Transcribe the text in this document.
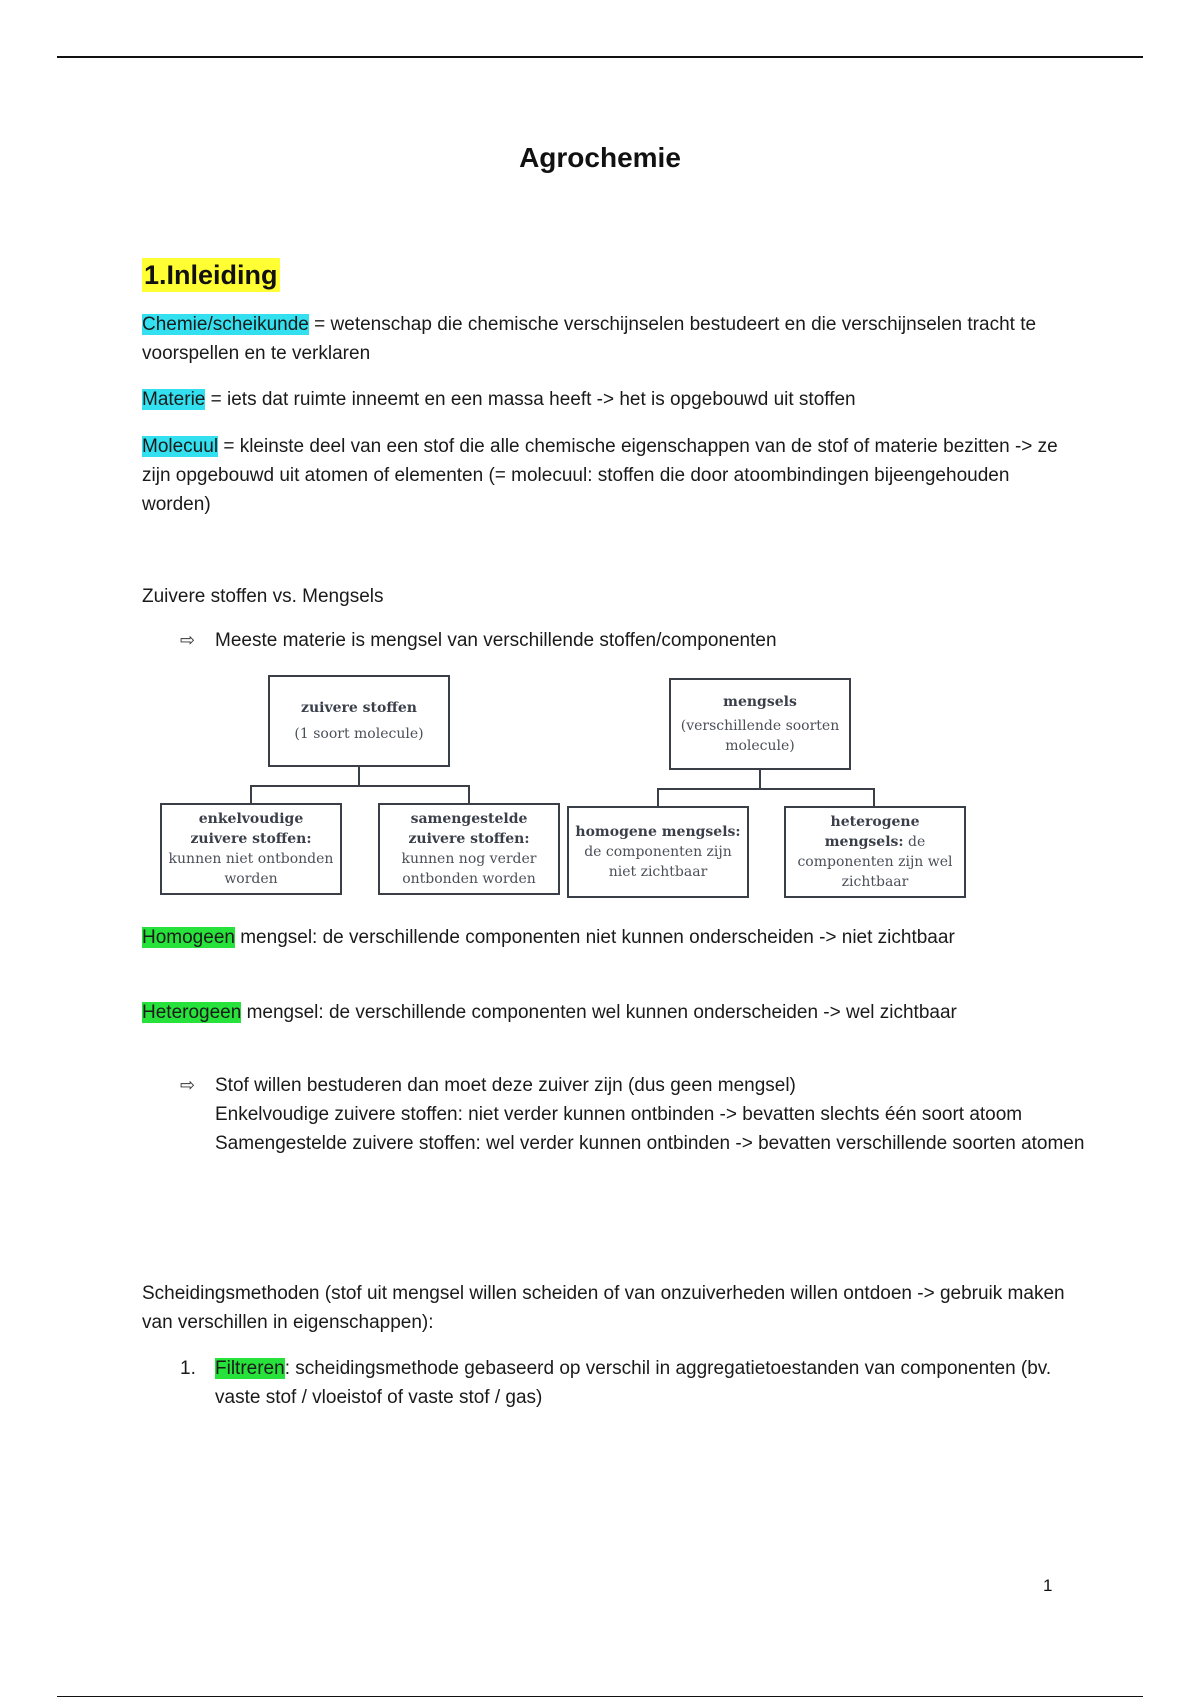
Agrochemie
1.Inleiding
Chemie/scheikunde = wetenschap die chemische verschijnselen bestudeert en die verschijnselen tracht te voorspellen en te verklaren
Materie = iets dat ruimte inneemt en een massa heeft -> het is opgebouwd uit stoffen
Molecuul = kleinste deel van een stof die alle chemische eigenschappen van de stof of materie bezitten -> ze zijn opgebouwd uit atomen of elementen (= molecuul: stoffen die door atoombindingen bijeengehouden worden)
Zuivere stoffen vs. Mengsels
⇨	Meeste materie is mengsel van verschillende stoffen/componenten
zuivere stoffen
(1 soort molecule)
mengsels
(verschillende soorten molecule)
enkelvoudige zuivere stoffen: kunnen niet ontbonden worden
samengestelde zuivere stoffen: kunnen nog verder ontbonden worden
homogene mengsels: de componenten zijn niet zichtbaar
heterogene mengsels: de componenten zijn wel zichtbaar
Homogeen mengsel: de verschillende componenten niet kunnen onderscheiden -> niet zichtbaar
Heterogeen mengsel: de verschillende componenten wel kunnen onderscheiden -> wel zichtbaar
⇨	Stof willen bestuderen dan moet deze zuiver zijn (dus geen mengsel)
Enkelvoudige zuivere stoffen: niet verder kunnen ontbinden -> bevatten slechts één soort atoom
Samengestelde zuivere stoffen: wel verder kunnen ontbinden -> bevatten verschillende soorten atomen
Scheidingsmethoden (stof uit mengsel willen scheiden of van onzuiverheden willen ontdoen -> gebruik maken van verschillen in eigenschappen):
1. Filtreren: scheidingsmethode gebaseerd op verschil in aggregatietoestanden van componenten (bv. vaste stof / vloeistof of vaste stof / gas)
1
